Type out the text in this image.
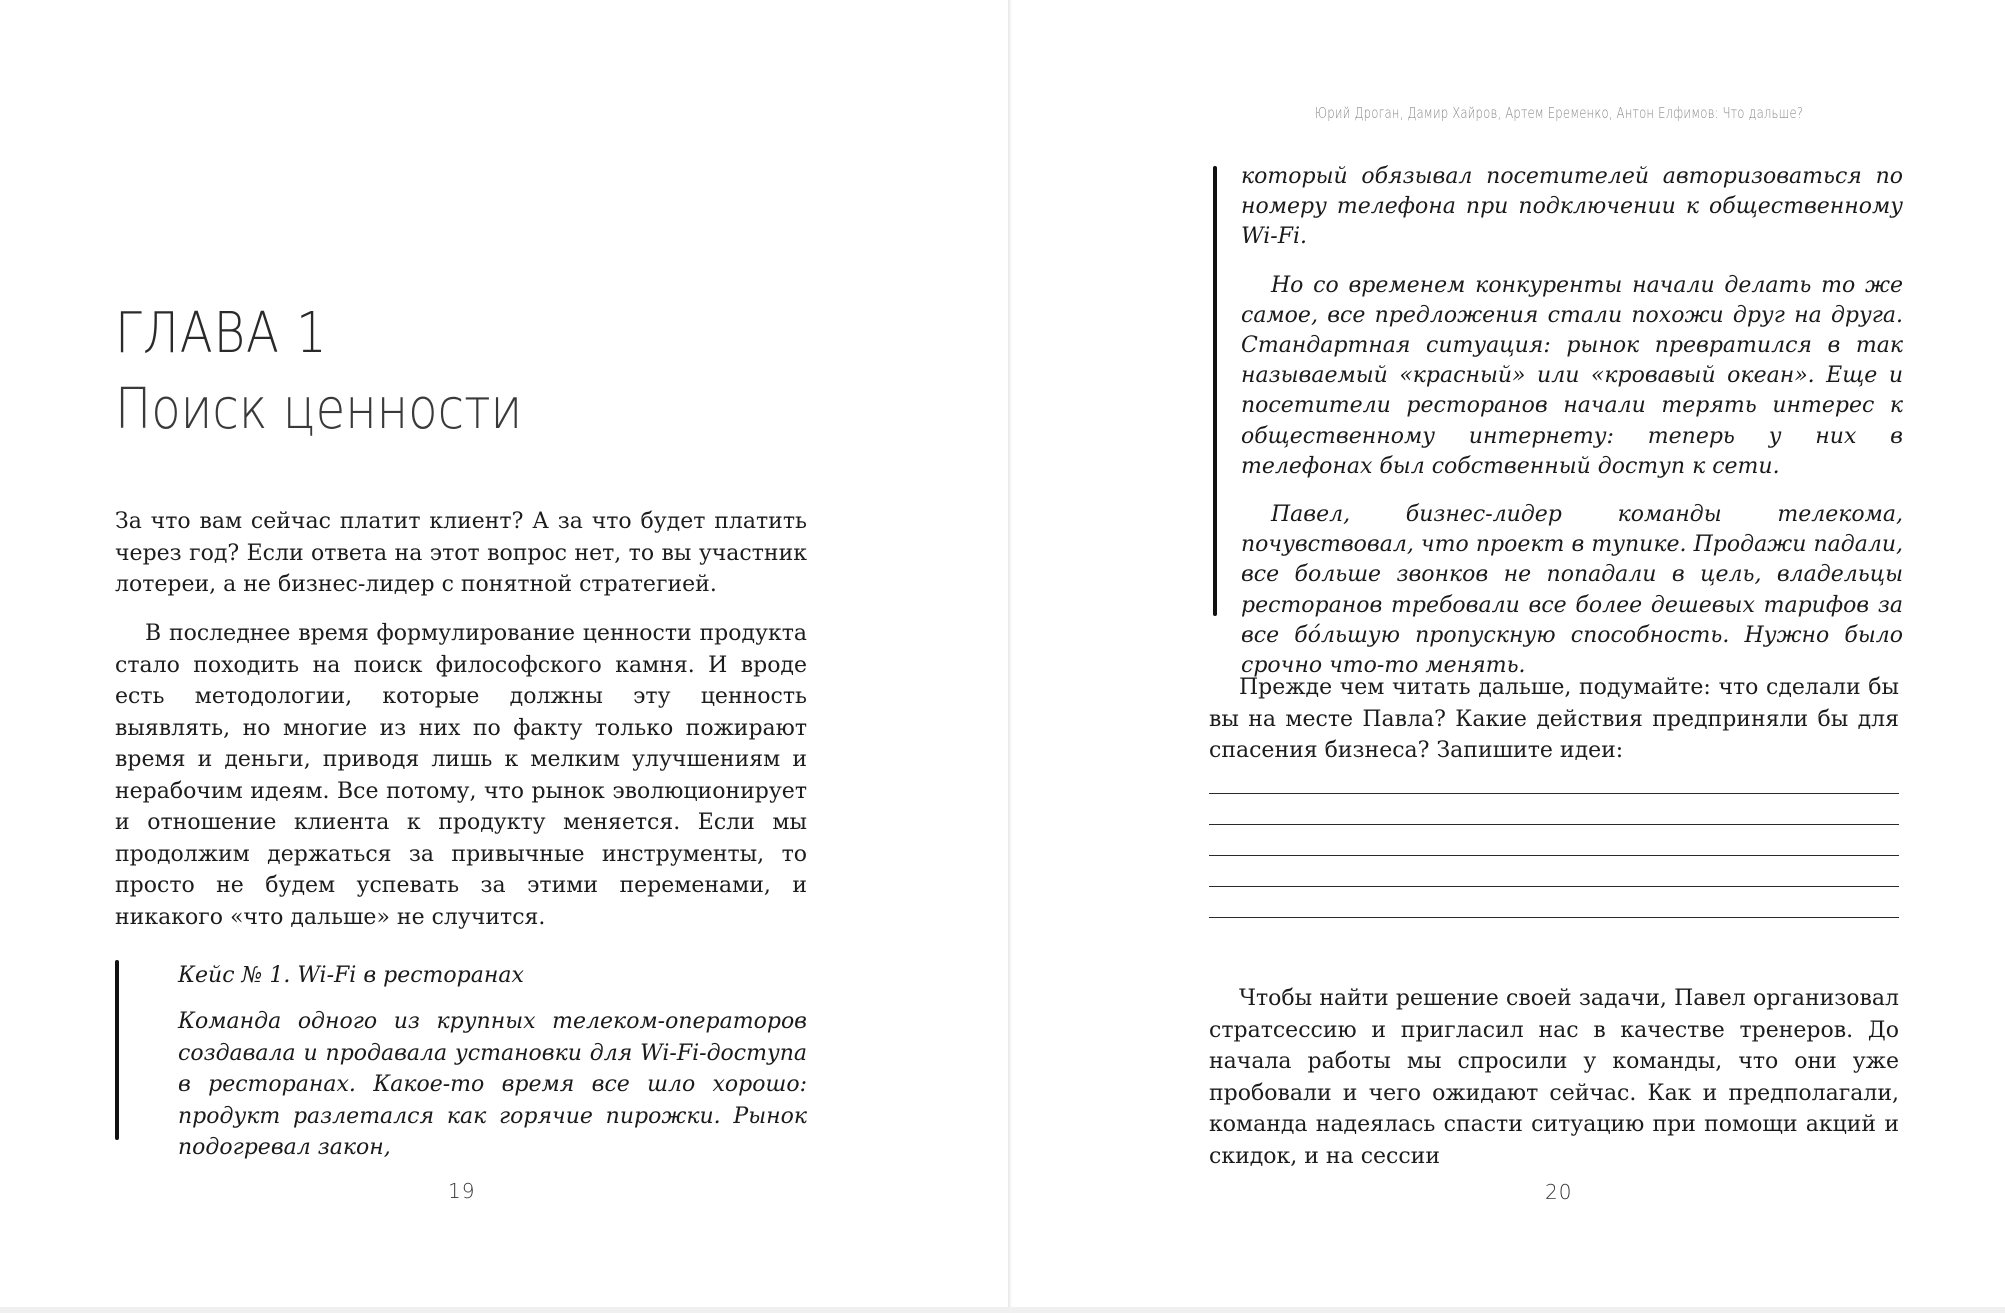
ГЛАВА 1
Поиск ценности

За что вам сейчас платит клиент? А за что будет платить через год? Если ответа на этот вопрос нет, то вы участник лотереи, а не бизнес-лидер с понятной стратегией.

В последнее время формулирование ценности продукта стало походить на поиск философского камня. И вроде есть методологии, которые должны эту ценность выявлять, но многие из них по факту только пожирают время и деньги, приводя лишь к мелким улучшениям и нерабочим идеям. Все потому, что рынок эволюционирует и отношение клиента к продукту меняется. Если мы продолжим держаться за привычные инструменты, то просто не будем успевать за этими переменами, и никакого «что дальше» не случится.

Кейс № 1. Wi-Fi в ресторанах

Команда одного из крупных телеком-операторов создавала и продавала установки для Wi-Fi-доступа в ресторанах. Какое-то время все шло хорошо: продукт разлетался как горячие пирожки. Рынок подогревал закон,

19
Юрий Дроган, Дамир Хайров, Артем Еременко, Антон Елфимов: Что дальше?

который обязывал посетителей авторизоваться по номеру телефона при подключении к общественному Wi-Fi.

Но со временем конкуренты начали делать то же самое, все предложения стали похожи друг на друга. Стандартная ситуация: рынок превратился в так называемый «красный» или «кровавый океан». Еще и посетители ресторанов начали терять интерес к общественному интернету: теперь у них в телефонах был собственный доступ к сети.

Павел, бизнес-лидер команды телекома, почувствовал, что проект в тупике. Продажи падали, все больше звонков не попадали в цель, владельцы ресторанов требовали все более дешевых тарифов за все бо́льшую пропускную способность. Нужно было срочно что-то менять.

Прежде чем читать дальше, подумайте: что сделали бы вы на месте Павла? Какие действия предприняли бы для спасения бизнеса? Запишите идеи:

Чтобы найти решение своей задачи, Павел организовал стратсессию и пригласил нас в качестве тренеров. До начала работы мы спросили у команды, что они уже пробовали и чего ожидают сейчас. Как и предполагали, команда надеялась спасти ситуацию при помощи акций и скидок, и на сессии

20
